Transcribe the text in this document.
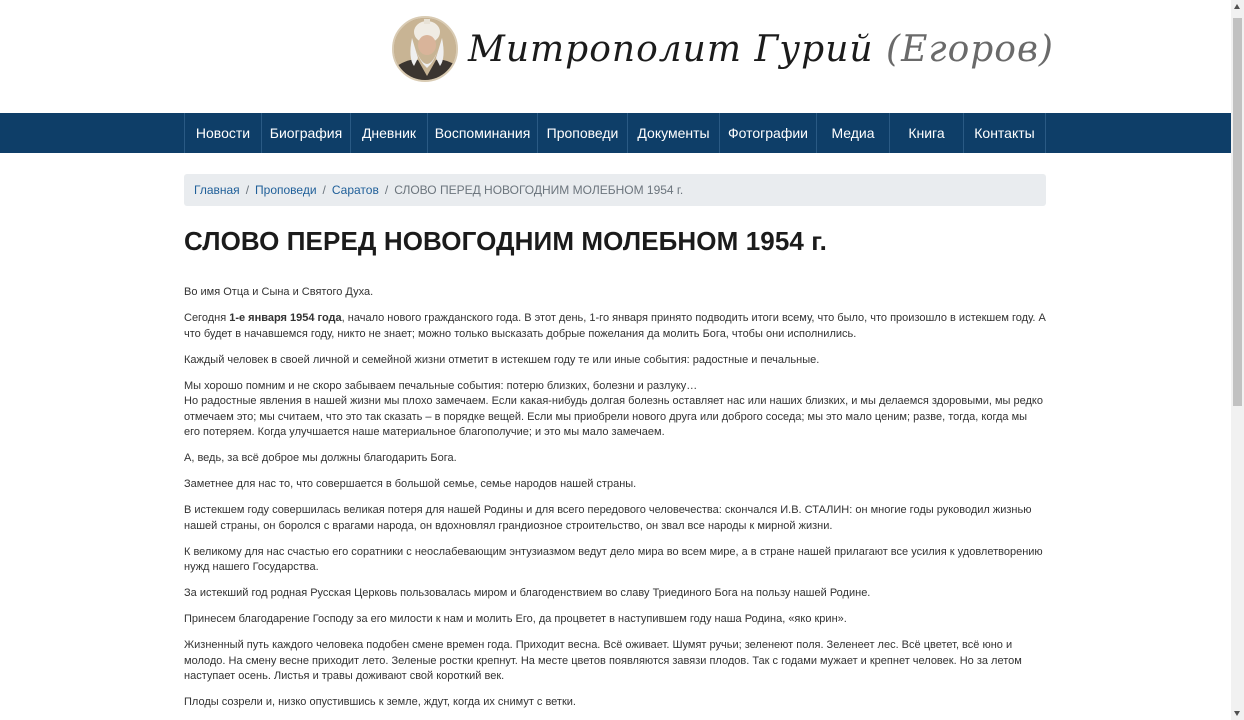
Митрополит Гурий (Егоров)
Новости	Биография	Дневник	Воспоминания	Проповеди	Документы	Фотографии	Медиа	Книга	Контакты
Главная / Проповеди / Саратов / СЛОВО ПЕРЕД НОВОГОДНИМ МОЛЕБНОМ 1954 г.
СЛОВО ПЕРЕД НОВОГОДНИМ МОЛЕБНОМ 1954 г.

Во имя Отца и Сына и Святого Духа.

Сегодня 1-е января 1954 года, начало нового гражданского года. В этот день, 1-го января принято подводить итоги всему, что было, что произошло в истекшем году. А что будет в начавшемся году, никто не знает; можно только высказать добрые пожелания да молить Бога, чтобы они исполнились.

Каждый человек в своей личной и семейной жизни отметит в истекшем году те или иные события: радостные и печальные.

Мы хорошо помним и не скоро забываем печальные события: потерю близких, болезни и разлуку…
Но радостные явления в нашей жизни мы плохо замечаем. Если какая-нибудь долгая болезнь оставляет нас или наших близких, и мы делаемся здоровыми, мы редко отмечаем это; мы считаем, что это так сказать – в порядке вещей. Если мы приобрели нового друга или доброго соседа; мы это мало ценим; разве, тогда, когда мы его потеряем. Когда улучшается наше материальное благополучие; и это мы мало замечаем.

А, ведь, за всё доброе мы должны благодарить Бога.

Заметнее для нас то, что совершается в большой семье, семье народов нашей страны.

В истекшем году совершилась великая потеря для нашей Родины и для всего передового человечества: скончался И.В. СТАЛИН: он многие годы руководил жизнью нашей страны, он боролся с врагами народа, он вдохновлял грандиозное строительство, он звал все народы к мирной жизни.

К великому для нас счастью его соратники с неослабевающим энтузиазмом ведут дело мира во всем мире, а в стране нашей прилагают все усилия к удовлетворению нужд нашего Государства.

За истекший год родная Русская Церковь пользовалась миром и благоденствием во славу Триединого Бога на пользу нашей Родине.

Принесем благодарение Господу за его милости к нам и молить Его, да процветет в наступившем году наша Родина, «яко крин».

Жизненный путь каждого человека подобен смене времен года. Приходит весна. Всё оживает. Шумят ручьи; зеленеют поля. Зеленеет лес. Всё цветет, всё юно и молодо. На смену весне приходит лето. Зеленые ростки крепнут. На месте цветов появляются завязи плодов. Так с годами мужает и крепнет человек. Но за летом наступает осень. Листья и травы доживают свой короткий век.

Плоды созрели и, низко опустившись к земле, ждут, когда их снимут с ветки.
